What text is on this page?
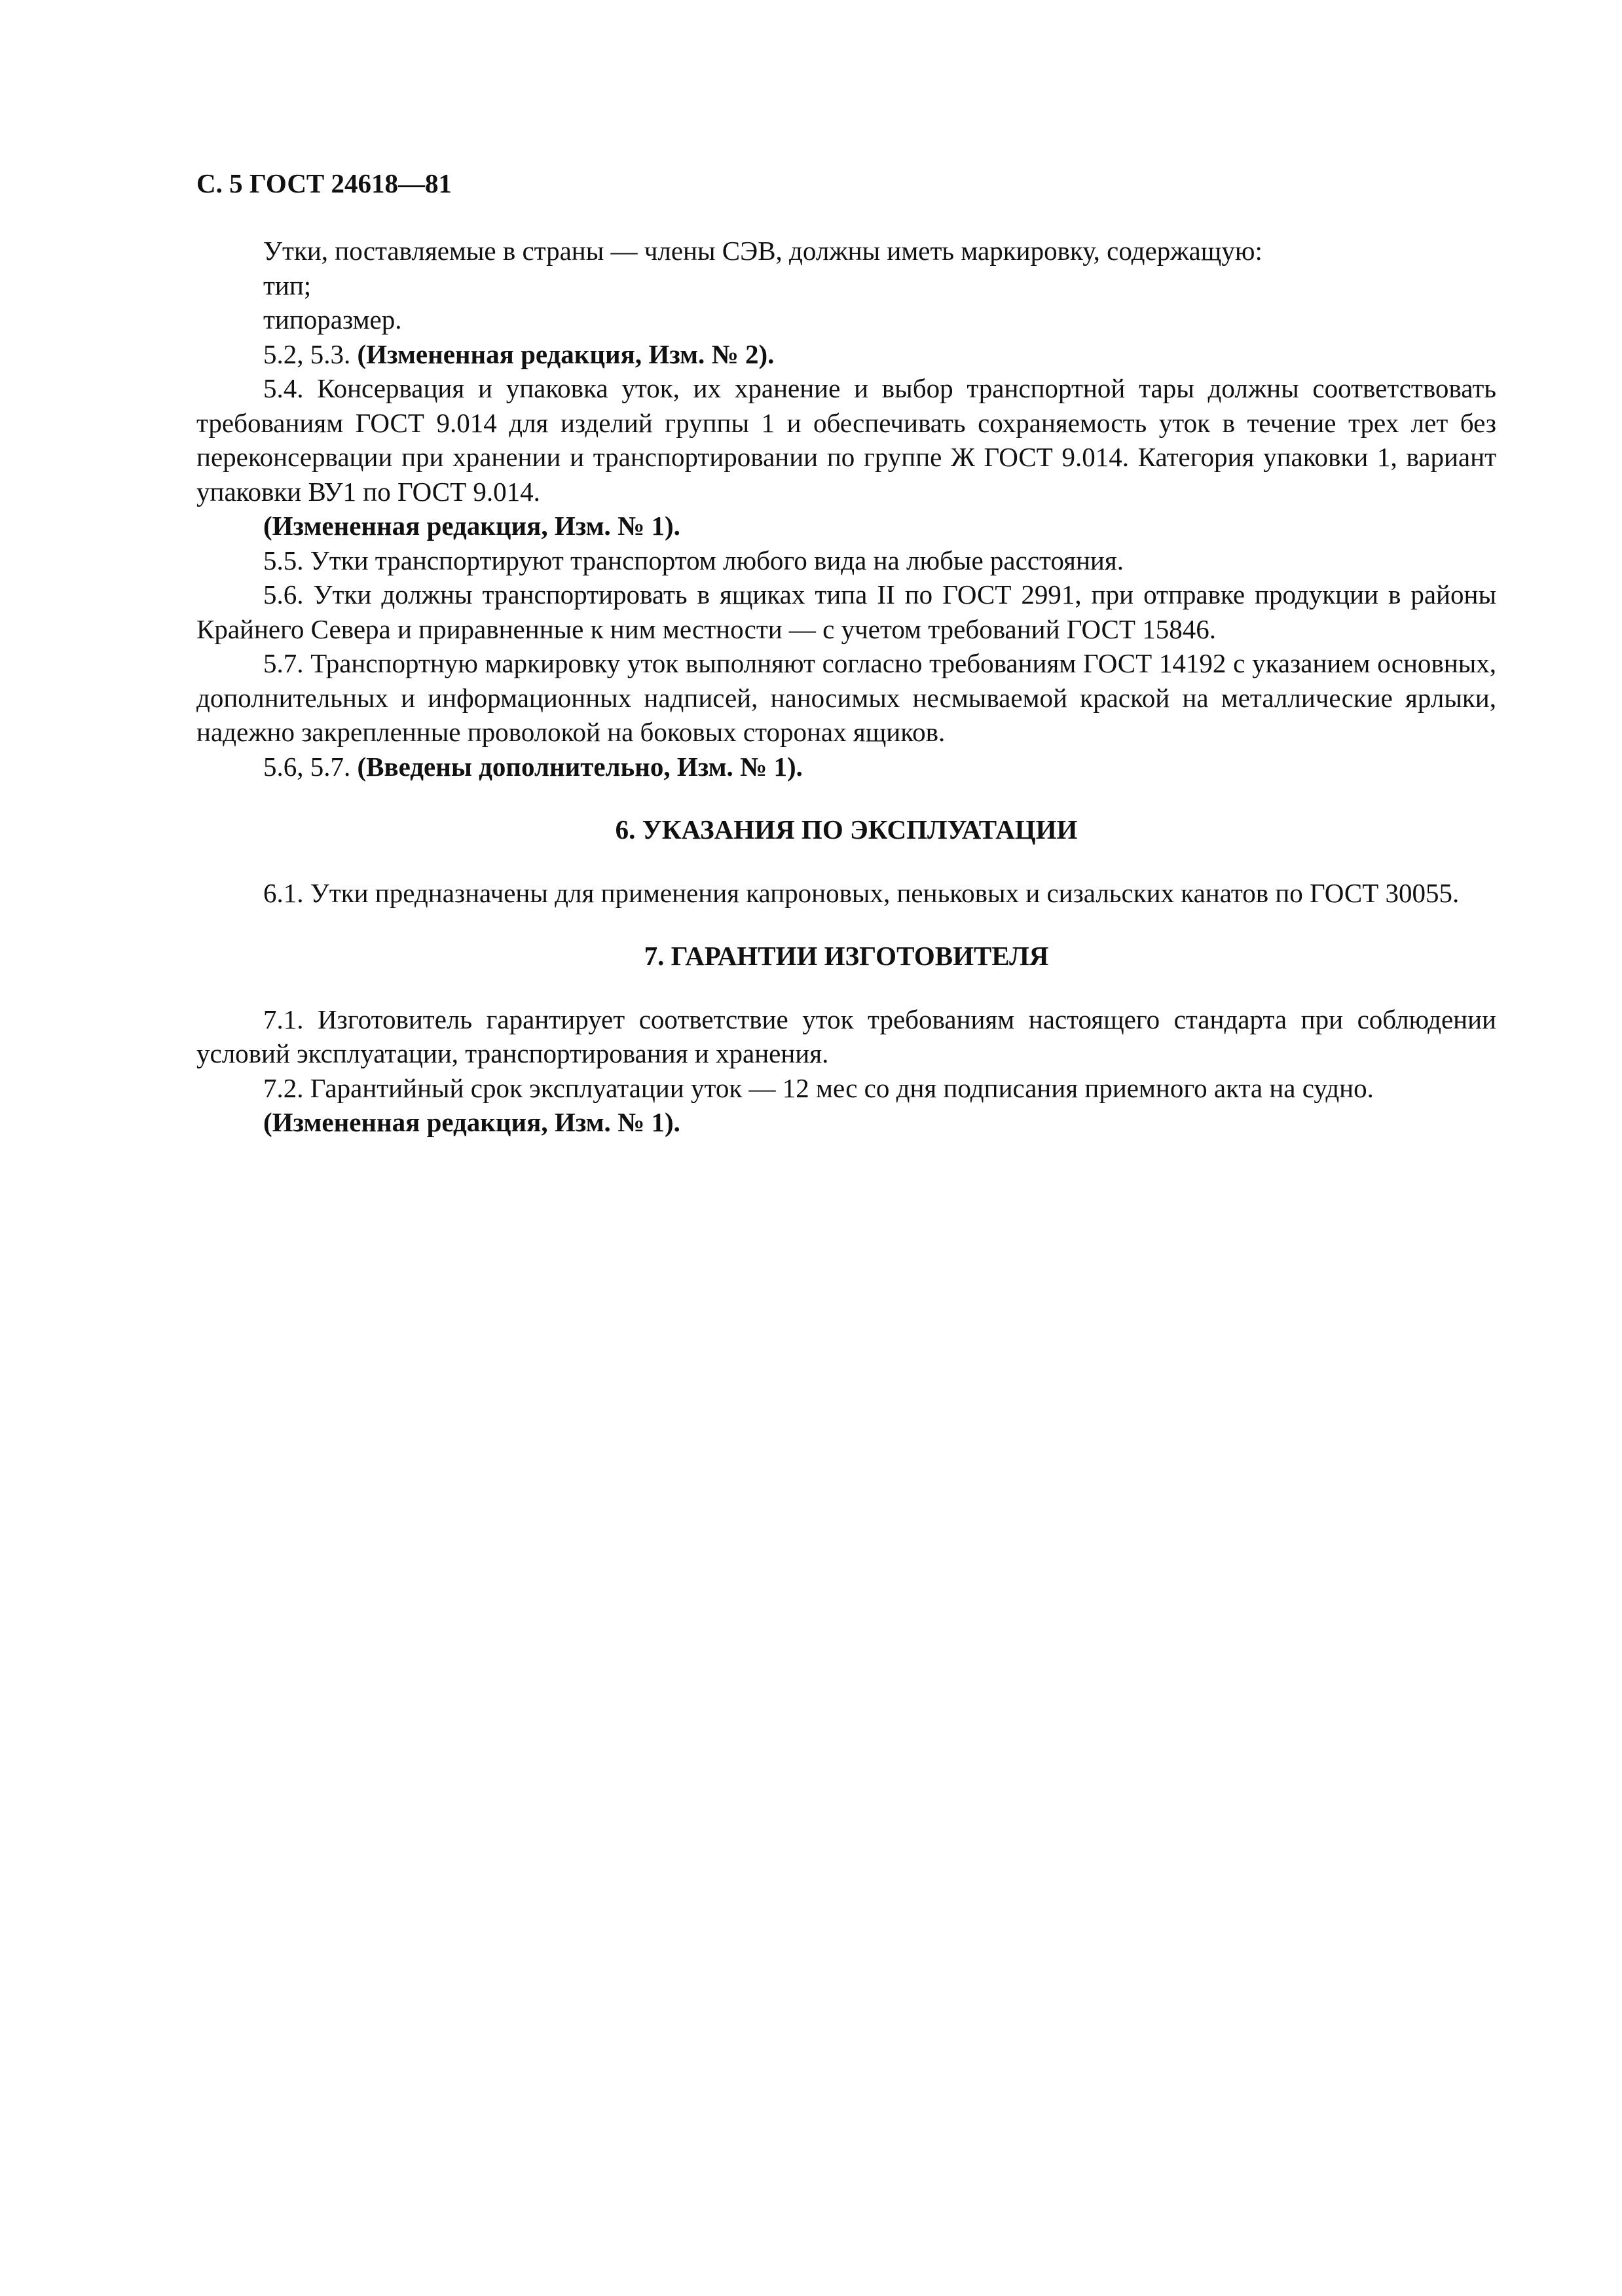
С. 5 ГОСТ 24618—81

Утки, поставляемые в страны — члены СЭВ, должны иметь маркировку, содержащую:

тип;

типоразмер.

5.2, 5.3. (Измененная редакция, Изм. № 2).

5.4. Консервация и упаковка уток, их хранение и выбор транспортной тары должны соответствовать требованиям ГОСТ 9.014 для изделий группы 1 и обеспечивать сохраняемость уток в течение трех лет без переконсервации при хранении и транспортировании по группе Ж ГОСТ 9.014. Категория упаковки 1, вариант упаковки ВУ1 по ГОСТ 9.014.

(Измененная редакция, Изм. № 1).

5.5. Утки транспортируют транспортом любого вида на любые расстояния.

5.6. Утки должны транспортировать в ящиках типа II по ГОСТ 2991, при отправке продукции в районы Крайнего Севера и приравненные к ним местности — с учетом требований ГОСТ 15846.

5.7. Транспортную маркировку уток выполняют согласно требованиям ГОСТ 14192 с указанием основных, дополнительных и информационных надписей, наносимых несмываемой краской на металлические ярлыки, надежно закрепленные проволокой на боковых сторонах ящиков.

5.6, 5.7. (Введены дополнительно, Изм. № 1).

6. УКАЗАНИЯ ПО ЭКСПЛУАТАЦИИ

6.1. Утки предназначены для применения капроновых, пеньковых и сизальских канатов по ГОСТ 30055.

7. ГАРАНТИИ ИЗГОТОВИТЕЛЯ

7.1. Изготовитель гарантирует соответствие уток требованиям настоящего стандарта при соблюдении условий эксплуатации, транспортирования и хранения.

7.2. Гарантийный срок эксплуатации уток — 12 мес со дня подписания приемного акта на судно.

(Измененная редакция, Изм. № 1).
